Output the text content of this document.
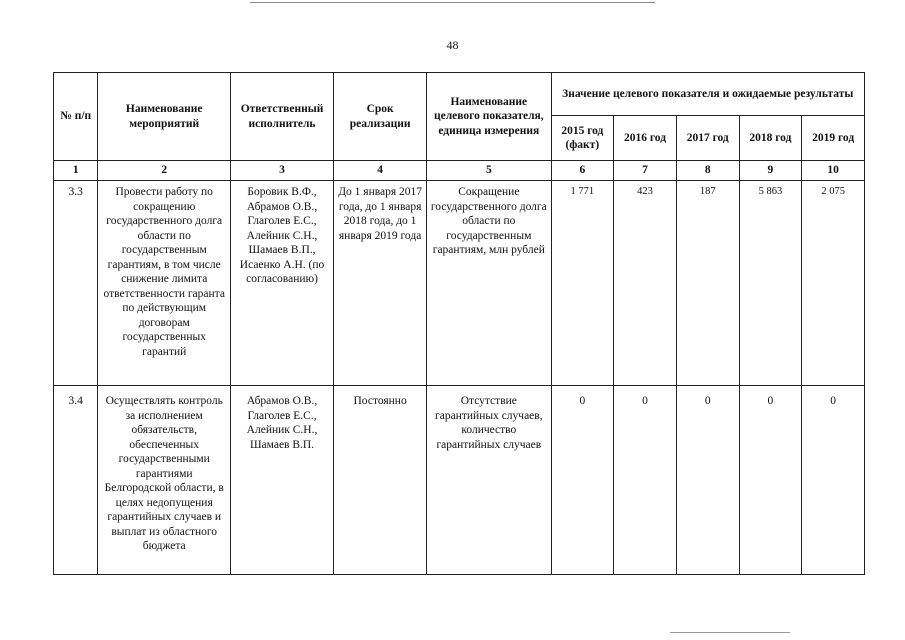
48
№ п/п	Наименование мероприятий	Ответственный исполнитель	Срок реализации	Наименование целевого показателя, единица измерения	Значение целевого показателя и ожидаемые результаты				
					2015 год (факт)	2016 год	2017 год	2018 год	2019 год
1	2	3	4	5	6	7	8	9	10
3.3	Провести работу по сокращению государственного долга области по государственным гарантиям, в том числе снижение лимита ответственности гаранта по действующим договорам государственных гарантий	Боровик В.Ф., Абрамов О.В., Глаголев Е.С., Алейник С.Н., Шамаев В.П., Исаенко А.Н. (по согласованию)	До 1 января 2017 года, до 1 января 2018 года, до 1 января 2019 года	Сокращение государственного долга области по государственным гарантиям, млн рублей	1 771	423	187	5 863	2 075
3.4	Осуществлять контроль за исполнением обязательств, обеспеченных государственными гарантиями Белгородской области, в целях недопущения гарантийных случаев и выплат из областного бюджета	Абрамов О.В., Глаголев Е.С., Алейник С.Н., Шамаев В.П.	Постоянно	Отсутствие гарантийных случаев, количество гарантийных случаев	0	0	0	0	0
